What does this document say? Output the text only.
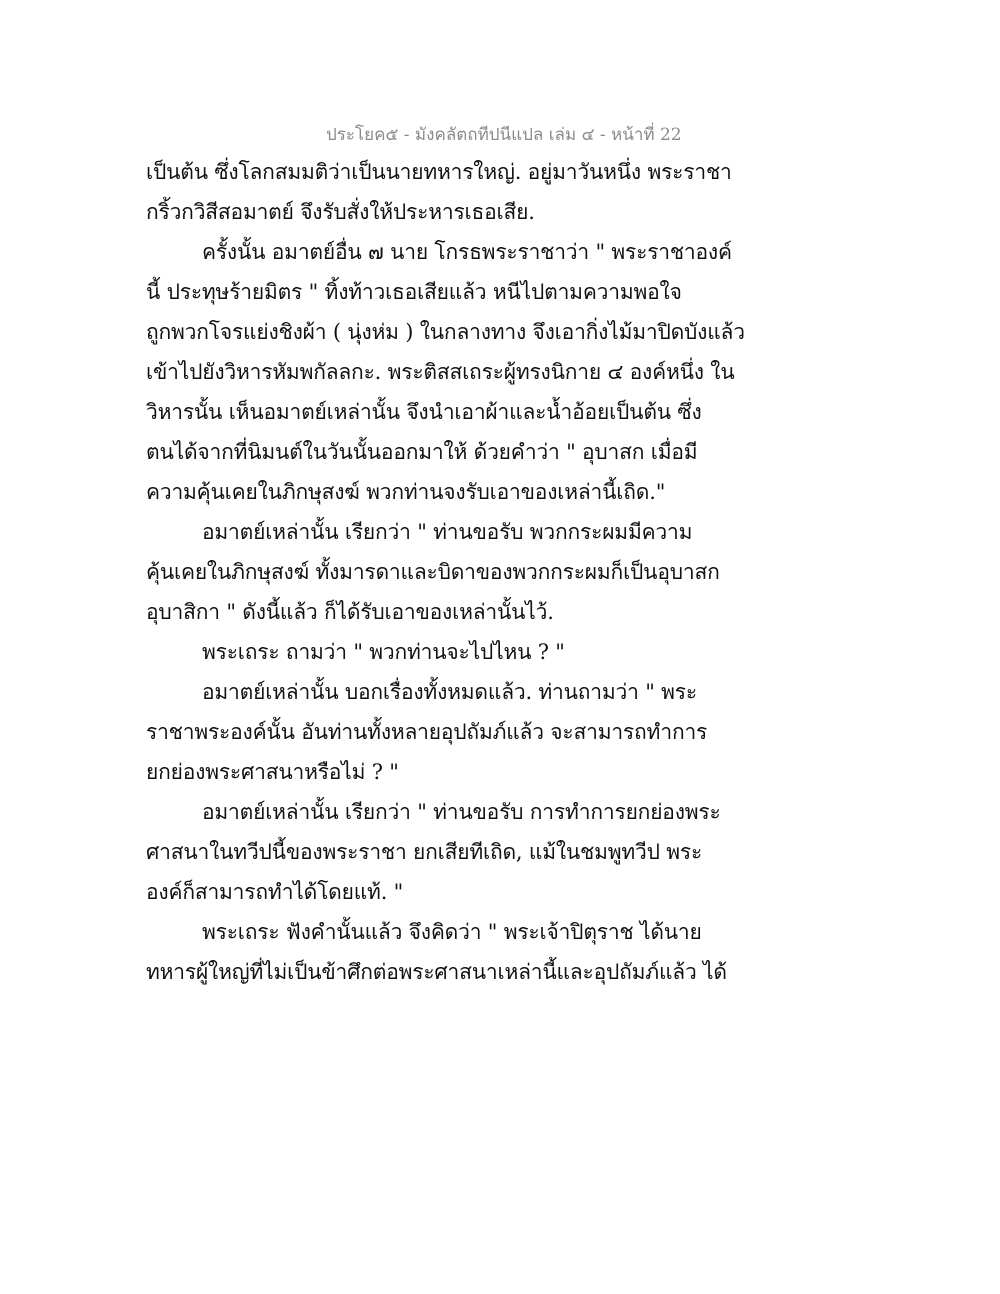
ประโยค๕ - มังคลัตถทีปนีแปล เล่ม ๔ - หน้าที่ 22
เป็นต้น ซึ่งโลกสมมติว่าเป็นนายทหารใหญ่. อยู่มาวันหนึ่ง พระราชา
กริ้วกวิสีสอมาตย์ จึงรับสั่งให้ประหารเธอเสีย.
ครั้งนั้น อมาตย์อื่น ๗ นาย โกรธพระราชาว่า " พระราชาองค์
นี้ ประทุษร้ายมิตร " ทิ้งท้าวเธอเสียแล้ว หนีไปตามความพอใจ
ถูกพวกโจรแย่งชิงผ้า ( นุ่งห่ม ) ในกลางทาง จึงเอากิ่งไม้มาปิดบังแล้ว
เข้าไปยังวิหารหัมพกัลลกะ. พระติสสเถระผู้ทรงนิกาย ๔ องค์หนึ่ง ใน
วิหารนั้น เห็นอมาตย์เหล่านั้น จึงนำเอาผ้าและน้ำอ้อยเป็นต้น ซึ่ง
ตนได้จากที่นิมนต์ในวันนั้นออกมาให้ ด้วยคำว่า " อุบาสก เมื่อมี
ความคุ้นเคยในภิกษุสงฆ์ พวกท่านจงรับเอาของเหล่านี้เถิด."
อมาตย์เหล่านั้น เรียกว่า " ท่านขอรับ พวกกระผมมีความ
คุ้นเคยในภิกษุสงฆ์ ทั้งมารดาและบิดาของพวกกระผมก็เป็นอุบาสก
อุบาสิกา " ดังนี้แล้ว ก็ได้รับเอาของเหล่านั้นไว้.
พระเถระ ถามว่า " พวกท่านจะไปไหน ? "
อมาตย์เหล่านั้น บอกเรื่องทั้งหมดแล้ว. ท่านถามว่า " พระ
ราชาพระองค์นั้น อันท่านทั้งหลายอุปถัมภ์แล้ว จะสามารถทำการ
ยกย่องพระศาสนาหรือไม่ ? "
อมาตย์เหล่านั้น เรียกว่า " ท่านขอรับ การทำการยกย่องพระ
ศาสนาในทวีปนี้ของพระราชา ยกเสียทีเถิด, แม้ในชมพูทวีป พระ
องค์ก็สามารถทำได้โดยแท้. "
พระเถระ ฟังคำนั้นแล้ว จึงคิดว่า " พระเจ้าปิตุราช ได้นาย
ทหารผู้ใหญ่ที่ไม่เป็นข้าศึกต่อพระศาสนาเหล่านี้และอุปถัมภ์แล้ว ได้
